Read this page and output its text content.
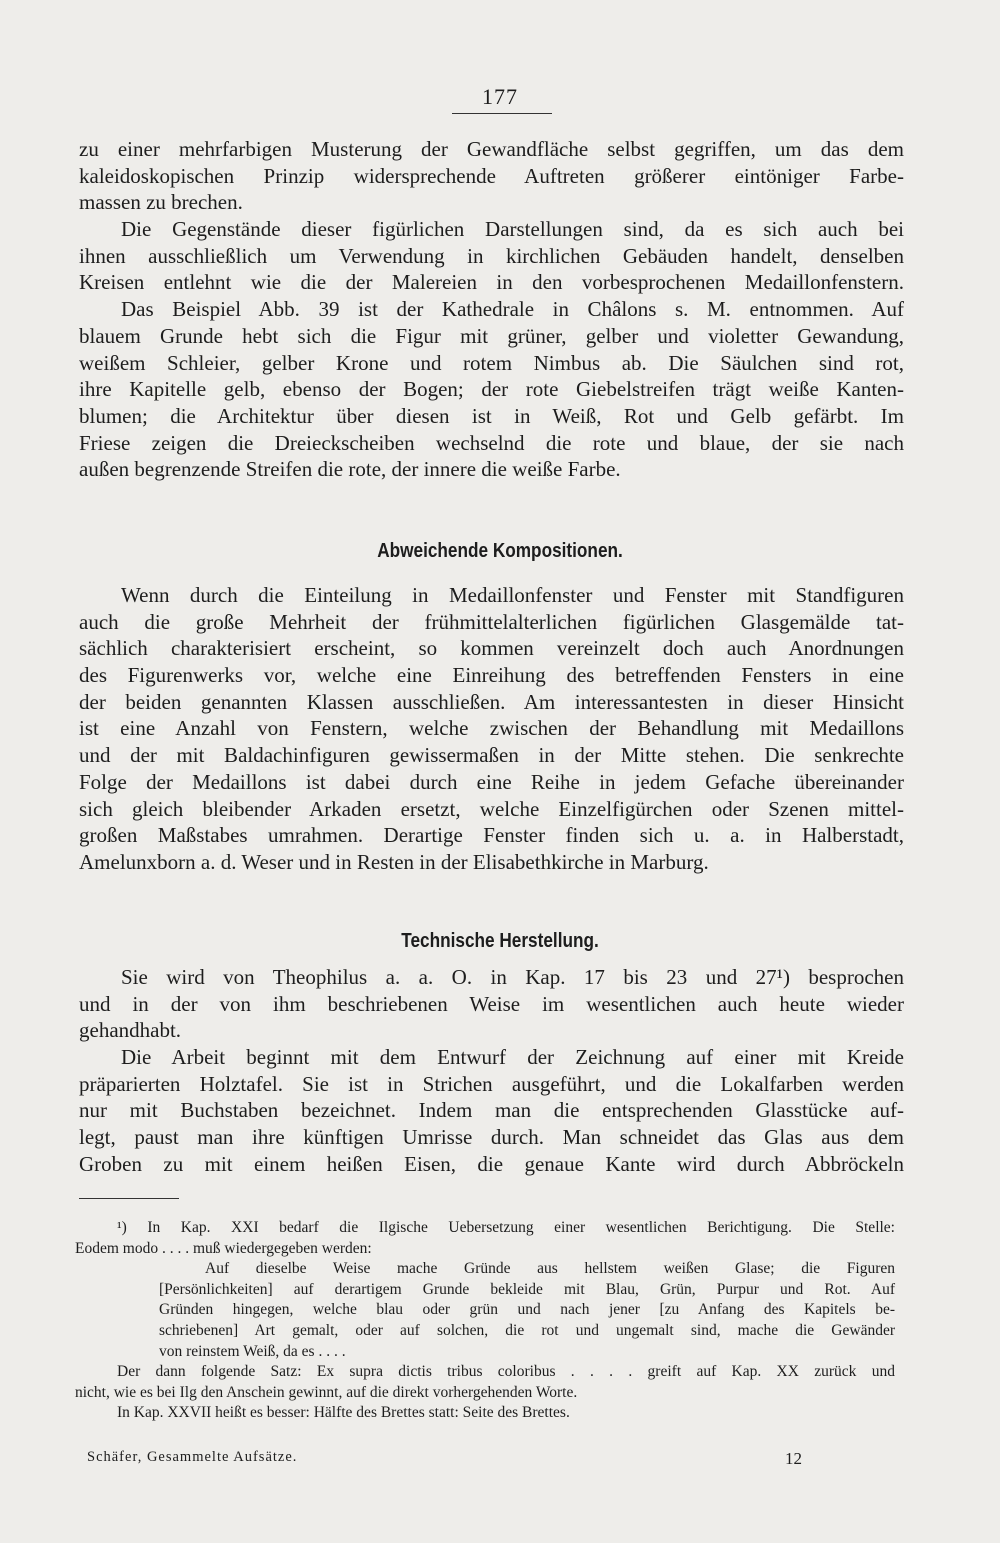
177
zu einer mehrfarbigen Musterung der Gewandfläche selbst gegriffen, um das dem
kaleidoskopischen Prinzip widersprechende Auftreten größerer eintöniger Farbe-
massen zu brechen.
Die Gegenstände dieser figürlichen Darstellungen sind, da es sich auch bei
ihnen ausschließlich um Verwendung in kirchlichen Gebäuden handelt, denselben
Kreisen entlehnt wie die der Malereien in den vorbesprochenen Medaillonfenstern.
Das Beispiel Abb. 39 ist der Kathedrale in Châlons s. M. entnommen. Auf
blauem Grunde hebt sich die Figur mit grüner, gelber und violetter Gewandung,
weißem Schleier, gelber Krone und rotem Nimbus ab. Die Säulchen sind rot,
ihre Kapitelle gelb, ebenso der Bogen; der rote Giebelstreifen trägt weiße Kanten-
blumen; die Architektur über diesen ist in Weiß, Rot und Gelb gefärbt. Im
Friese zeigen die Dreieckscheiben wechselnd die rote und blaue, der sie nach
außen begrenzende Streifen die rote, der innere die weiße Farbe.
Abweichende Kompositionen.
Wenn durch die Einteilung in Medaillonfenster und Fenster mit Standfiguren
auch die große Mehrheit der frühmittelalterlichen figürlichen Glasgemälde tat-
sächlich charakterisiert erscheint, so kommen vereinzelt doch auch Anordnungen
des Figurenwerks vor, welche eine Einreihung des betreffenden Fensters in eine
der beiden genannten Klassen ausschließen. Am interessantesten in dieser Hinsicht
ist eine Anzahl von Fenstern, welche zwischen der Behandlung mit Medaillons
und der mit Baldachinfiguren gewissermaßen in der Mitte stehen. Die senkrechte
Folge der Medaillons ist dabei durch eine Reihe in jedem Gefache übereinander
sich gleich bleibender Arkaden ersetzt, welche Einzelfigürchen oder Szenen mittel-
großen Maßstabes umrahmen. Derartige Fenster finden sich u. a. in Halberstadt,
Amelunxborn a. d. Weser und in Resten in der Elisabethkirche in Marburg.
Technische Herstellung.
Sie wird von Theophilus a. a. O. in Kap. 17 bis 23 und 27¹) besprochen
und in der von ihm beschriebenen Weise im wesentlichen auch heute wieder
gehandhabt.
Die Arbeit beginnt mit dem Entwurf der Zeichnung auf einer mit Kreide
präparierten Holztafel. Sie ist in Strichen ausgeführt, und die Lokalfarben werden
nur mit Buchstaben bezeichnet. Indem man die entsprechenden Glasstücke auf-
legt, paust man ihre künftigen Umrisse durch. Man schneidet das Glas aus dem
Groben zu mit einem heißen Eisen, die genaue Kante wird durch Abbröckeln
¹) In Kap. XXI bedarf die Ilgische Uebersetzung einer wesentlichen Berichtigung. Die Stelle:
Eodem modo . . . . muß wiedergegeben werden:
Auf dieselbe Weise mache Gründe aus hellstem weißen Glase; die Figuren
[Persönlichkeiten] auf derartigem Grunde bekleide mit Blau, Grün, Purpur und Rot. Auf
Gründen hingegen, welche blau oder grün und nach jener [zu Anfang des Kapitels be-
schriebenen] Art gemalt, oder auf solchen, die rot und ungemalt sind, mache die Gewänder
von reinstem Weiß, da es . . . .
Der dann folgende Satz: Ex supra dictis tribus coloribus . . . . greift auf Kap. XX zurück und
nicht, wie es bei Ilg den Anschein gewinnt, auf die direkt vorhergehenden Worte.
In Kap. XXVII heißt es besser: Hälfte des Brettes statt: Seite des Brettes.
Schäfer, Gesammelte Aufsätze.	12
